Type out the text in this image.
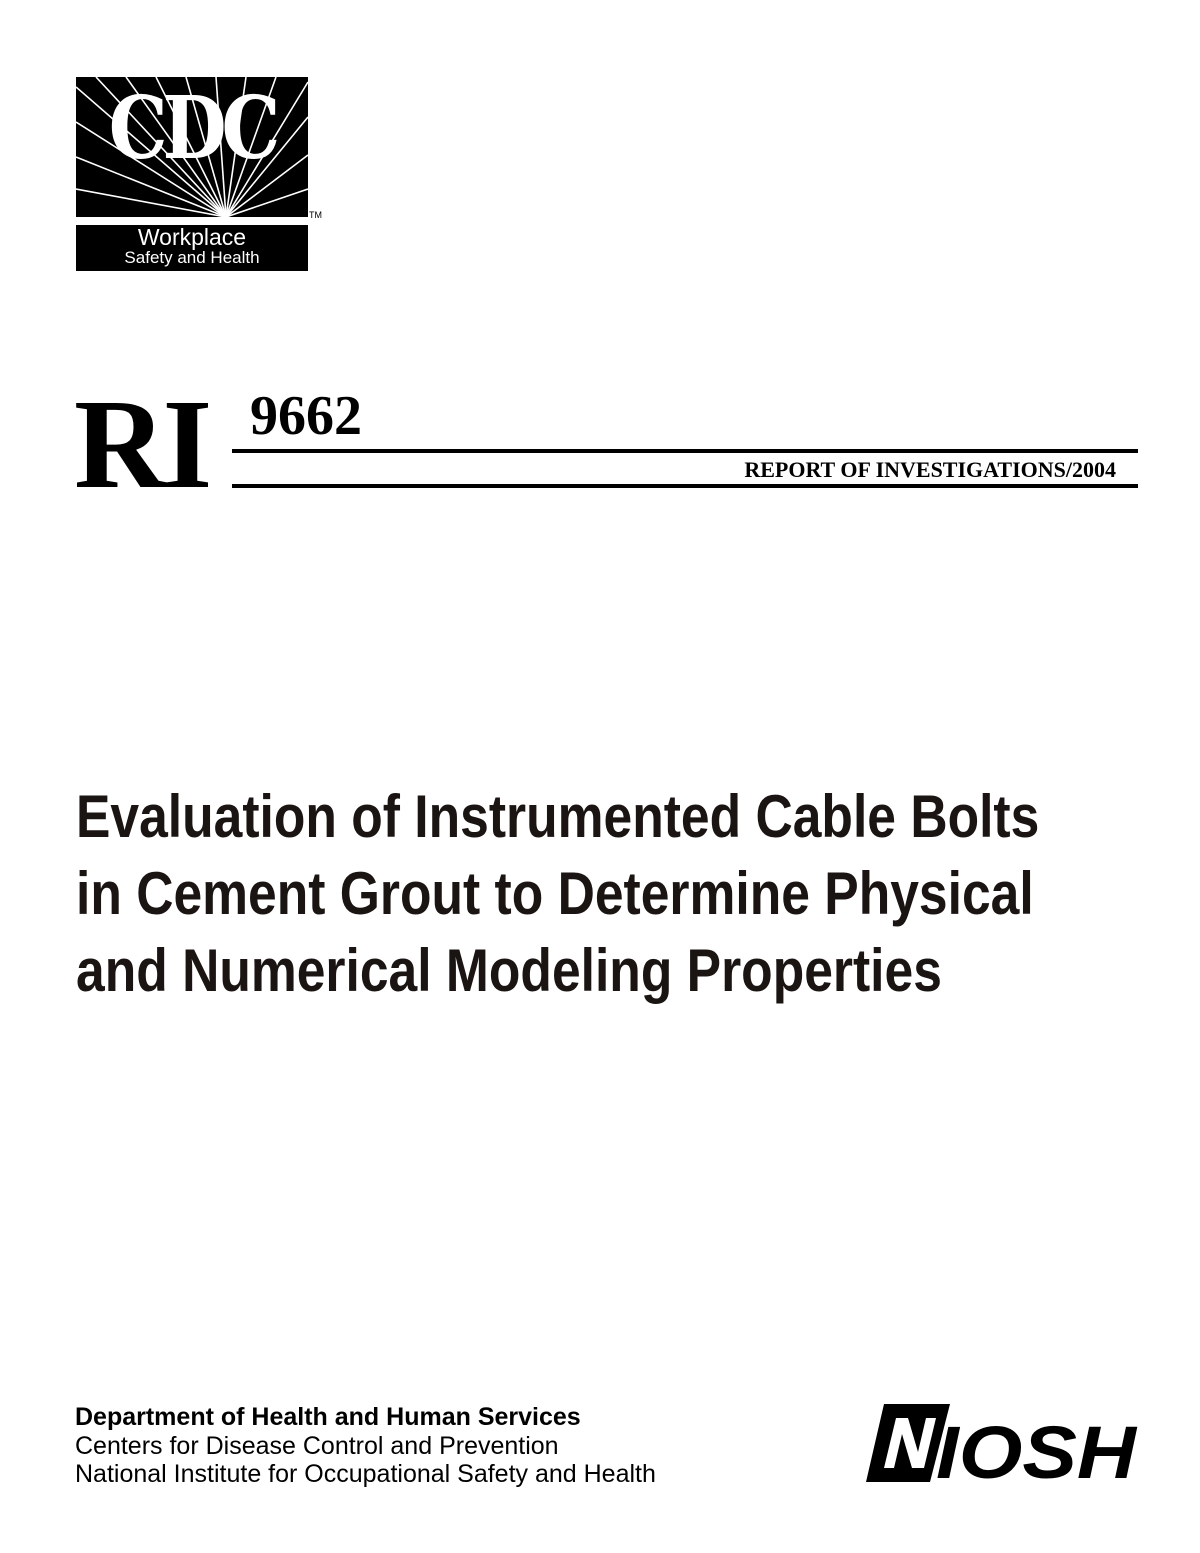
CDC
TM
Workplace
Safety and Health
RI 9662
REPORT OF INVESTIGATIONS/2004
Evaluation of Instrumented Cable Bolts
in Cement Grout to Determine Physical
and Numerical Modeling Properties
Department of Health and Human Services
Centers for Disease Control and Prevention
National Institute for Occupational Safety and Health	IOSH
